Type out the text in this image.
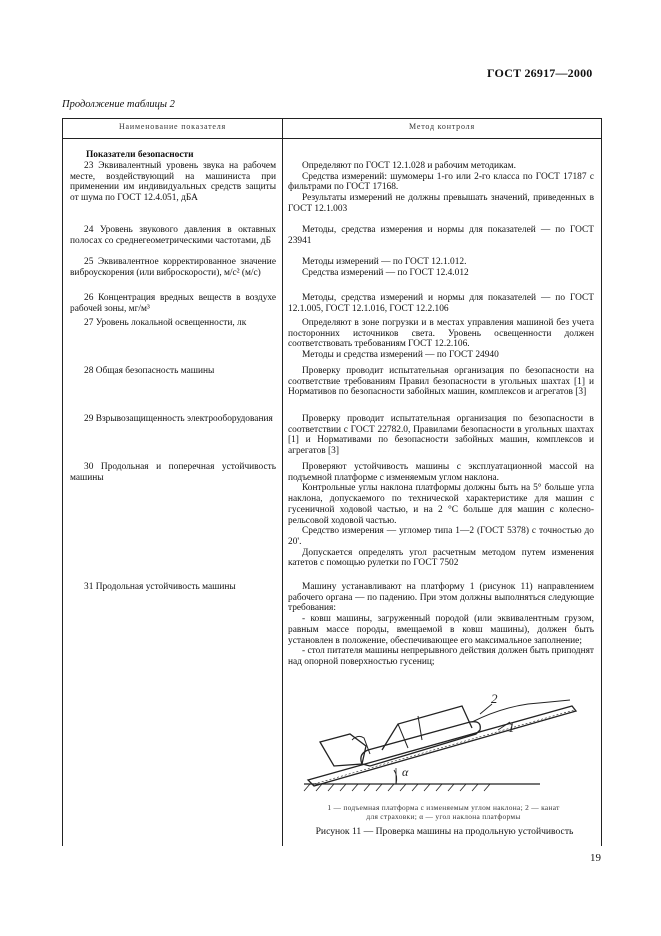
ГОСТ 26917—2000
Продолжение таблицы 2
Наименование показателя	Метод контроля
Показатели безопасности

23 Эквивалентный уровень звука на рабочем месте, воздействующий на машиниста при применении им индивидуальных средств защиты от шума по ГОСТ 12.4.051, дБА

24 Уровень звукового давления в октавных полосах со среднегеометрическими частотами, дБ

25 Эквивалентное корректированное значение виброускорения (или виброскорости), м/с² (м/с)

26 Концентрация вредных веществ в воздухе рабочей зоны, мг/м³

27 Уровень локальной освещенности, лк

28 Общая безопасность машины

29 Взрывозащищенность электрооборудования

30 Продольная и поперечная устойчивость машины

31 Продольная устойчивость машины

Определяют по ГОСТ 12.1.028 и рабочим методикам.

Средства измерений: шумомеры 1-го или 2-го класса по ГОСТ 17187 с фильтрами по ГОСТ 17168.

Результаты измерений не должны превышать значений, приведенных в ГОСТ 12.1.003

Методы, средства измерения и нормы для показателей — по ГОСТ 23941

Методы измерений — по ГОСТ 12.1.012.

Средства измерений — по ГОСТ 12.4.012

Методы, средства измерений и нормы для показателей — по ГОСТ 12.1.005, ГОСТ 12.1.016, ГОСТ 12.2.106

Определяют в зоне погрузки и в местах управления машиной без учета посторонних источников света. Уровень освещенности должен соответствовать требованиям ГОСТ 12.2.106.

Методы и средства измерений — по ГОСТ 24940

Проверку проводит испытательная организация по безопасности на соответствие требованиям Правил безопасности в угольных шахтах [1] и Нормативов по безопасности забойных машин, комплексов и агрегатов [3]

Проверку проводит испытательная организация по безопасности в соответствии с ГОСТ 22782.0, Правилами безопасности в угольных шахтах [1] и Нормативами по безопасности забойных машин, комплексов и агрегатов [3]

Проверяют устойчивость машины с эксплуатационной массой на подъемной платформе с изменяемым углом наклона.

Контрольные углы наклона платформы должны быть на 5° больше угла наклона, допускаемого по технической характеристике для машин с гусеничной ходовой частью, и на 2 °С больше для машин с колесно-рельсовой ходовой частью.

Средство измерения — угломер типа 1—2 (ГОСТ 5378) с точностью до 20'.

Допускается определять угол расчетным методом путем изменения катетов с помощью рулетки по ГОСТ 7502

Машину устанавливают на платформу 1 (рисунок 11) направлением рабочего органа — по падению. При этом должны выполняться следующие требования:

- ковш машины, загруженный породой (или эквивалентным грузом, равным массе породы, вмещаемой в ковш машины), должен быть установлен в положение, обеспечивающее его максимальное заполнение;

- стол питателя машины непрерывного действия должен быть приподнят над опорной поверхностью гусениц;

2
1
α
1 — подъемная платформа с изменяемым углом наклона; 2 — канат
для страховки; α — угол наклона платформы
Рисунок 11 — Проверка машины на продольную устойчивость
19
